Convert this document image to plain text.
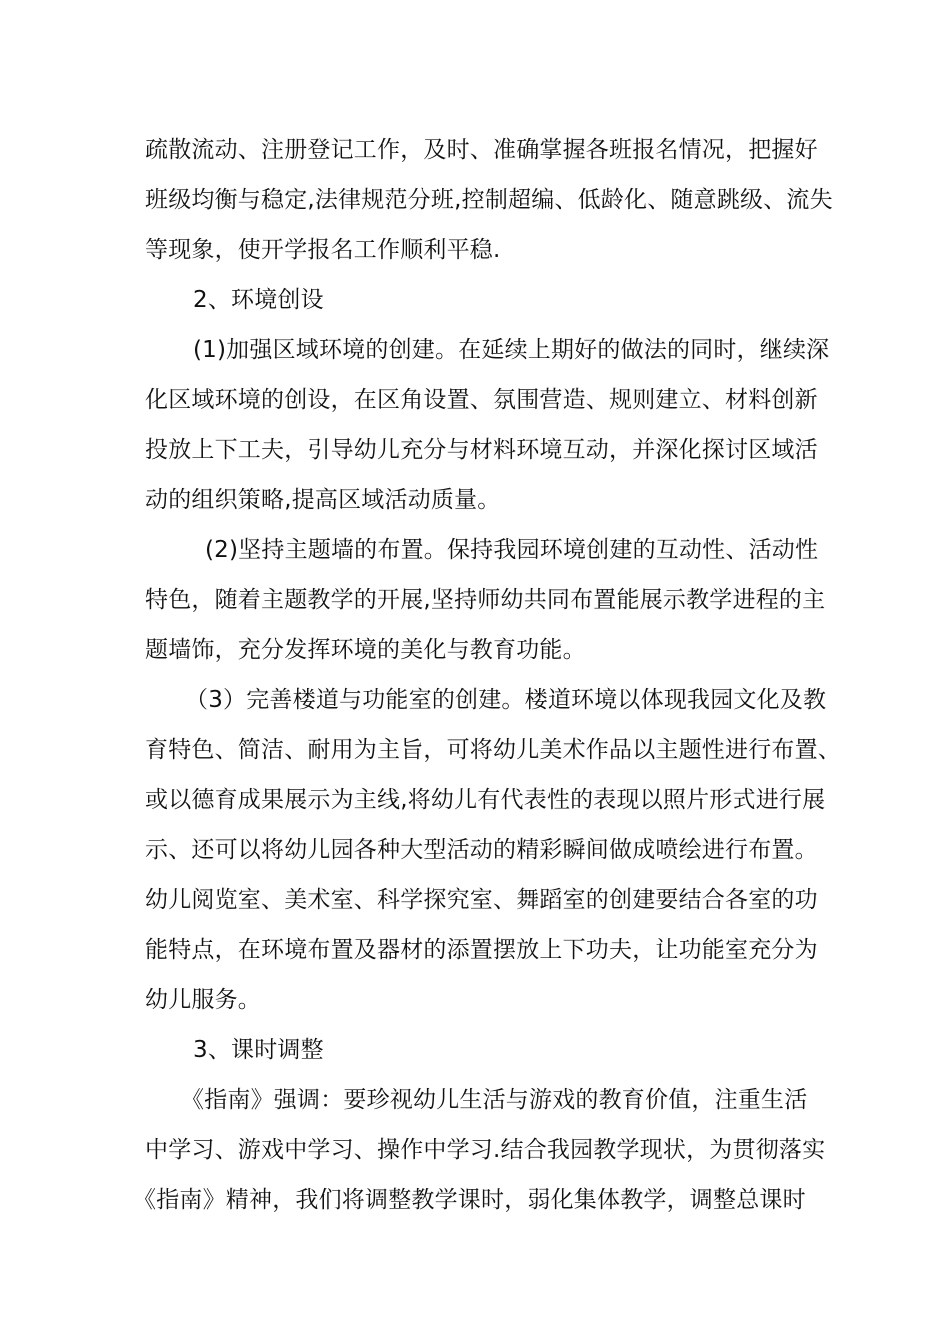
疏散流动、注册登记工作，及时、准确掌握各班报名情况，把握好
班级均衡与稳定,法律规范分班,控制超编、低龄化、随意跳级、流失
等现象，使开学报名工作顺利平稳.
2、环境创设
(1)加强区域环境的创建。在延续上期好的做法的同时，继续深
化区域环境的创设，在区角设置、氛围营造、规则建立、材料创新
投放上下工夫，引导幼儿充分与材料环境互动，并深化探讨区域活
动的组织策略,提高区域活动质量。
(2)坚持主题墙的布置。保持我园环境创建的互动性、活动性
特色，随着主题教学的开展,坚持师幼共同布置能展示教学进程的主
题墙饰，充分发挥环境的美化与教育功能。
（3）完善楼道与功能室的创建。楼道环境以体现我园文化及教
育特色、简洁、耐用为主旨，可将幼儿美术作品以主题性进行布置、
或以德育成果展示为主线,将幼儿有代表性的表现以照片形式进行展
示、还可以将幼儿园各种大型活动的精彩瞬间做成喷绘进行布置。
幼儿阅览室、美术室、科学探究室、舞蹈室的创建要结合各室的功
能特点，在环境布置及器材的添置摆放上下功夫，让功能室充分为
幼儿服务。
3、课时调整
《指南》强调：要珍视幼儿生活与游戏的教育价值，注重生活
中学习、游戏中学习、操作中学习.结合我园教学现状，为贯彻落实
《指南》精神，我们将调整教学课时，弱化集体教学，调整总课时
